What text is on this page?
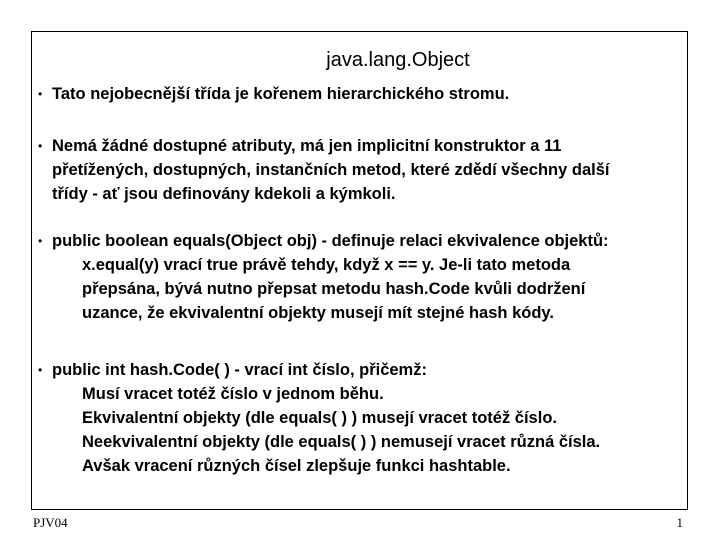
java.lang.Object
• Tato nejobecnější třída je kořenem hierarchického stromu.
• Nemá žádné dostupné atributy, má jen implicitní konstruktor a 11
přetížených, dostupných, instančních metod, které zdědí všechny další
třídy - ať jsou definovány kdekoli a kýmkoli.
• public boolean equals(Object obj) - definuje relaci ekvivalence objektů:
x.equal(y) vrací true právě tehdy, když x == y. Je-li tato metoda
přepsána, bývá nutno přepsat metodu hash.Code kvůli dodržení
uzance, že ekvivalentní objekty musejí mít stejné hash kódy.
• public int hash.Code( ) - vrací int číslo, přičemž:
Musí vracet totéž číslo v jednom běhu.
Ekvivalentní objekty (dle equals( ) ) musejí vracet totéž číslo.
Neekvivalentní objekty (dle equals( ) ) nemusejí vracet různá čísla.
Avšak vracení různých čísel zlepšuje funkci hashtable.
PJV04	1
